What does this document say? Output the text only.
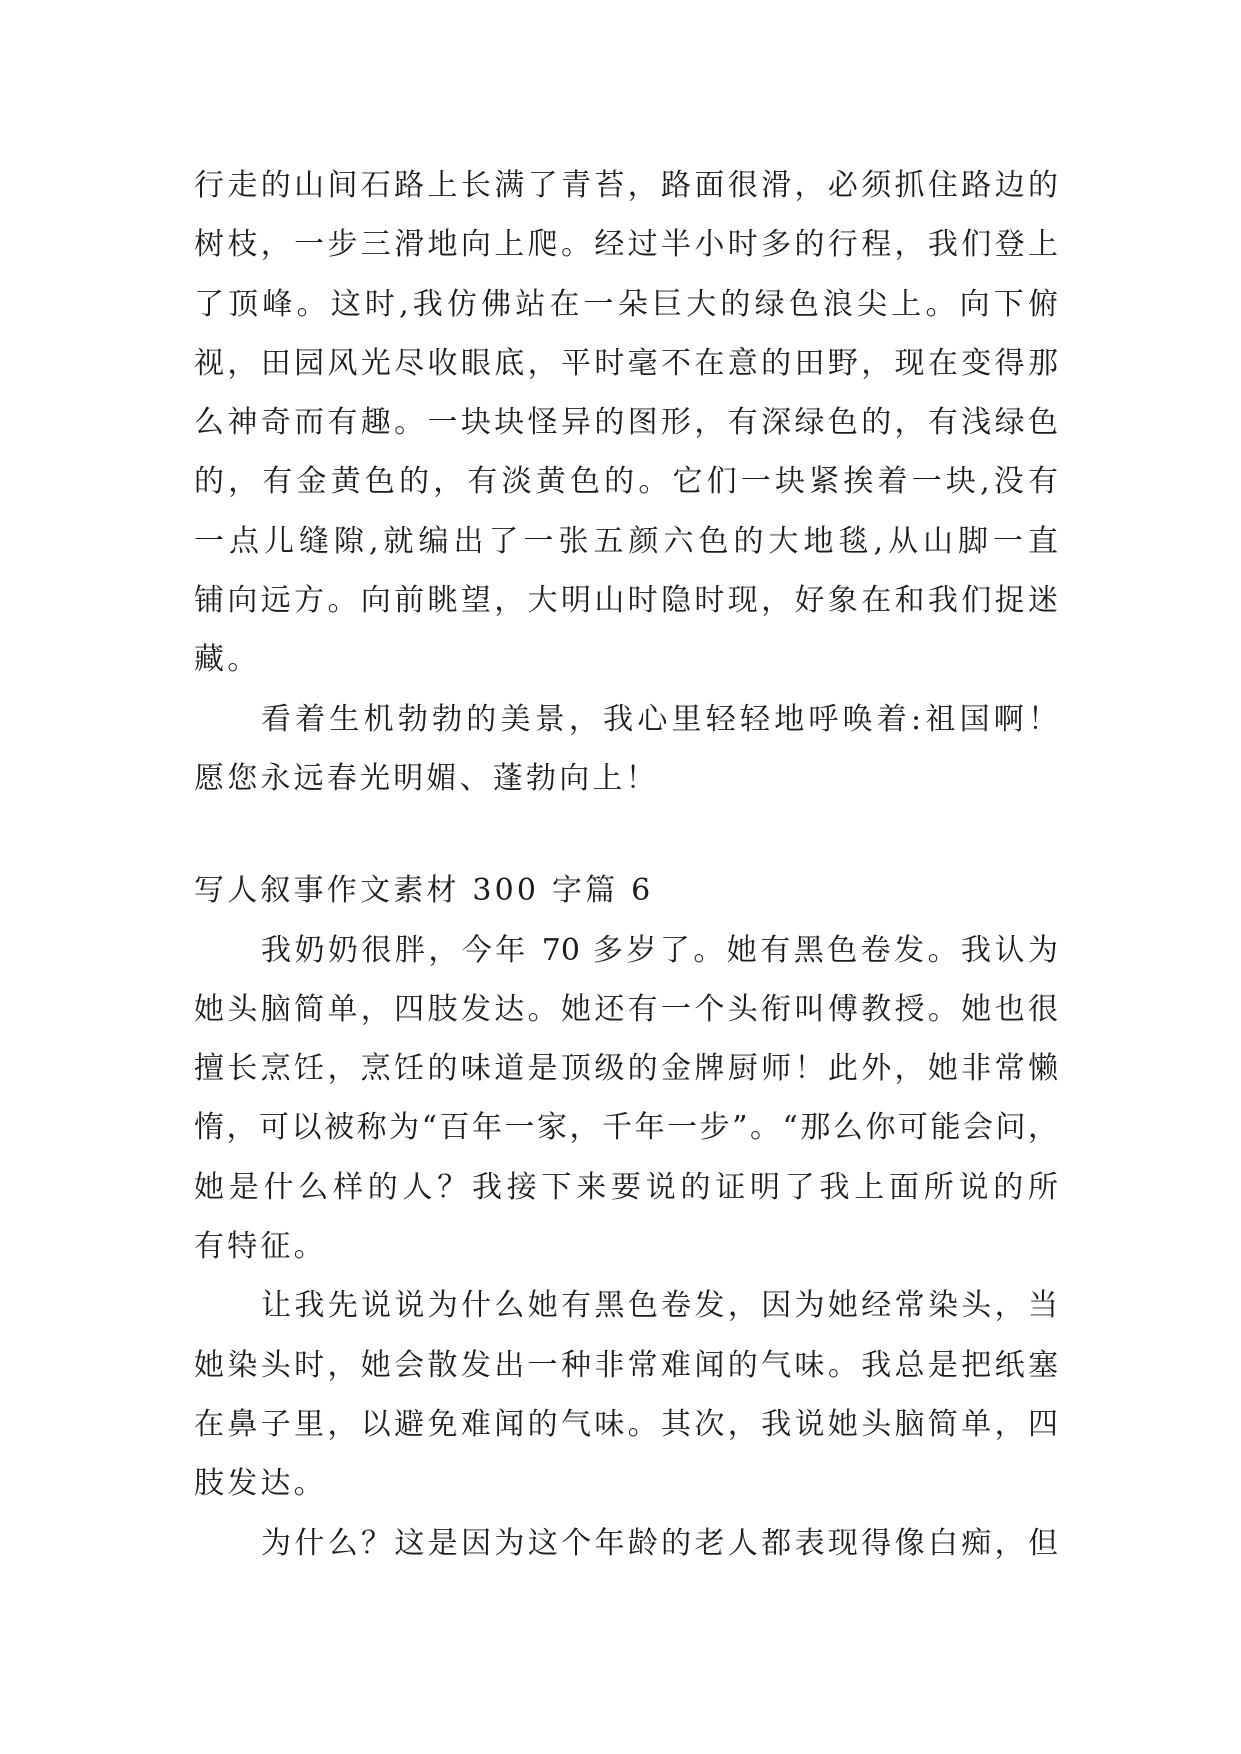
行走的山间石路上长满了青苔，路面很滑，必须抓住路边的
树枝，一步三滑地向上爬。经过半小时多的行程，我们登上
了顶峰。这时,我仿佛站在一朵巨大的绿色浪尖上。向下俯
视，田园风光尽收眼底，平时毫不在意的田野，现在变得那
么神奇而有趣。一块块怪异的图形，有深绿色的，有浅绿色
的，有金黄色的，有淡黄色的。它们一块紧挨着一块,没有
一点儿缝隙,就编出了一张五颜六色的大地毯,从山脚一直
铺向远方。向前眺望，大明山时隐时现，好象在和我们捉迷
藏。
看着生机勃勃的美景，我心里轻轻地呼唤着:祖国啊！
愿您永远春光明媚、蓬勃向上！
写人叙事作文素材 300 字篇 6
我奶奶很胖，今年 70 多岁了。她有黑色卷发。我认为
她头脑简单，四肢发达。她还有一个头衔叫傅教授。她也很
擅长烹饪，烹饪的味道是顶级的金牌厨师！此外，她非常懒
惰，可以被称为“百年一家，千年一步”。“那么你可能会问，
她是什么样的人？我接下来要说的证明了我上面所说的所
有特征。
让我先说说为什么她有黑色卷发，因为她经常染头，当
她染头时，她会散发出一种非常难闻的气味。我总是把纸塞
在鼻子里，以避免难闻的气味。其次，我说她头脑简单，四
肢发达。
为什么？这是因为这个年龄的老人都表现得像白痴，但
